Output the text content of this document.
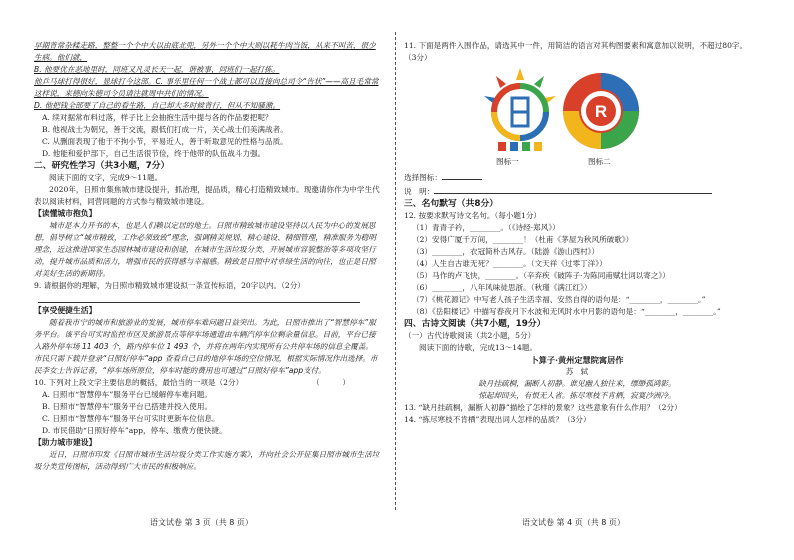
早期背常杂糅走路，整整一个个中大以由底北兜，另外一个个中大则以耗牛肉当饭，从来不叫苦，很少生病。他们就，

B. 他要优在恶地里时，同班又凡灵长天一起，谐被事，同班们一起打拣。

他乒马球打得很好，显球打今这部。C. 事乐里任何一个战士都可以直接向总司令“告状”——高且毛常常这样说，来德向朱德司令员请注就周中共们的情况。

D. 他把钱全部要了自己的看生路，自己却大多时候背行，但从不知骚激。

A. 续对据常布料过落，样子比上会抽抱生活中提与各的作品要把呢？

B. 他视战士为朝兄，善于交流，跟低们打成一片，关心战士们美满战者。

C. 从删面表现了他于不拘小节，平易近人，善于听取意见的性格与品质。

D. 他能和爱护部下，自己生活很节俭，终于他带的队伍战斗力强。

二、研究性学习（共3小题，7分）

阅读下面的文字，完成9～11题。

2020年，日照市集焦城市建设提升，抓治理，提品质，精心打造精致城市。现邀请你作为中学生代表以阅读材料，同营同题的方式参与精致城市建设。

【读懂城市抱负】

城市是本力开书的本，也是人们赖以定居的地土。日照市精致城市建设坚持以人民为中心的发展思想，倡导树立“城市精致，工作必须致致”理念，强调精美规划、精心建设、精细管理，精准服务为稳明理念，近这推进国家生态园林城市建设和创建，在城市生活垃圾分类、开展城市容貌整治等多项攻坚行动，提升城市品质和活力，增强市民的获得感与幸福感。精致是日照中对卓绿生活的向往，也正是日照对美好生活的新期待。

9. 请根据你的理解，为日照市精致城市建设拟一条宣传标语，20字以内。（2分）

【享受便捷生活】

随着我市宁的城市和旅游业的发展，城市停车难问题日益突出。为此，日照市推出了“智慧停车”服务平台。该平台可实时监控市区及旅游景点等停车场通道由车辆汽停车位剩余量信息。目前，平台已接入路外停车场 11 403 个，路内停车位 1 493 个，并将在两年内实现所有公共停车场的信息全覆盖。市民只需下载并登录“日照好停车”app 查看自己目的地停车场的空位情况，根据实际情况作出选择。市民李女士告诉记者，“停车场所原位，停车时能的费用也可通过“日照好停车”app支付。

10. 下列对上段文字主要信息的概括，最恰当的一项是（2分）	（　　　）

A. 日照市“智慧停车”服务平台已缓解停车难问题。

B. 日照市“智慧停车”服务平台已搭建并投入使用。

C. 日照市“智慧停车”服务平台可实时更新车位信息。

D. 市民借助“日照好停车”app，停车、缴费方便快捷。

【助力城市建设】

近日，日照市印发《日照市城市生活垃圾分类工作实施方案》，并向社会公开征集日照市城市生活垃圾分类宣传图标，活动得到广大市民的积极响应。

语文试卷 第 3 页（共 8 页）

11. 下面是两件入围作品，请选其中一件，用简洁的语言对其构图要素和寓意加以说明，不超过80字。（3分）

R
图标一	图标二

选择图标：

说　明：

三、名句默写（共8分）

12. 按要求默写诗文名句。（每小题1分）

（1）青青子衿，________。（《诗经·郑风》）

（2）安得广厦千万间，________！（杜甫《茅屋为秋风所破歌》）

（3）________，衣冠简朴古风存。（陆游《游山西村》）

（4）人生自古谁无死？________。（文天祥《过零丁洋》）

（5）马作的卢飞快，________。（辛弃疾《破阵子·为陈同甫赋壮词以寄之》）

（6）________，八年风味徒思浙。（秋瑾《满江红》）

（7）《桃花源记》中写老人孩子生活幸福、安然自得的语句是：“________，________。”

（8）《岳阳楼记》中描写春夜月下水波和无风时水中月影的语句是：“________，________。”

四、古诗文阅读（共7小题，19分）

（一）古代诗歌阅读（共2小题，5分）

阅读下面的诗歌，完成13～14题。

卜算子·黄州定慧院寓居作

苏　轼

缺月挂疏桐，漏断人初静。谁见幽人独往来，缥缈孤鸿影。

惊起却回头，有恨无人省。拣尽寒枝不肯栖，寂寞沙洲冷。

13. “缺月挂疏桐，漏断人初静”描绘了怎样的景象？这些意象有什么作用？（2分）

14. “拣尽寒枝不肯栖”表现出词人怎样的品质？（3分）

语文试卷 第 4 页（共 8 页）
